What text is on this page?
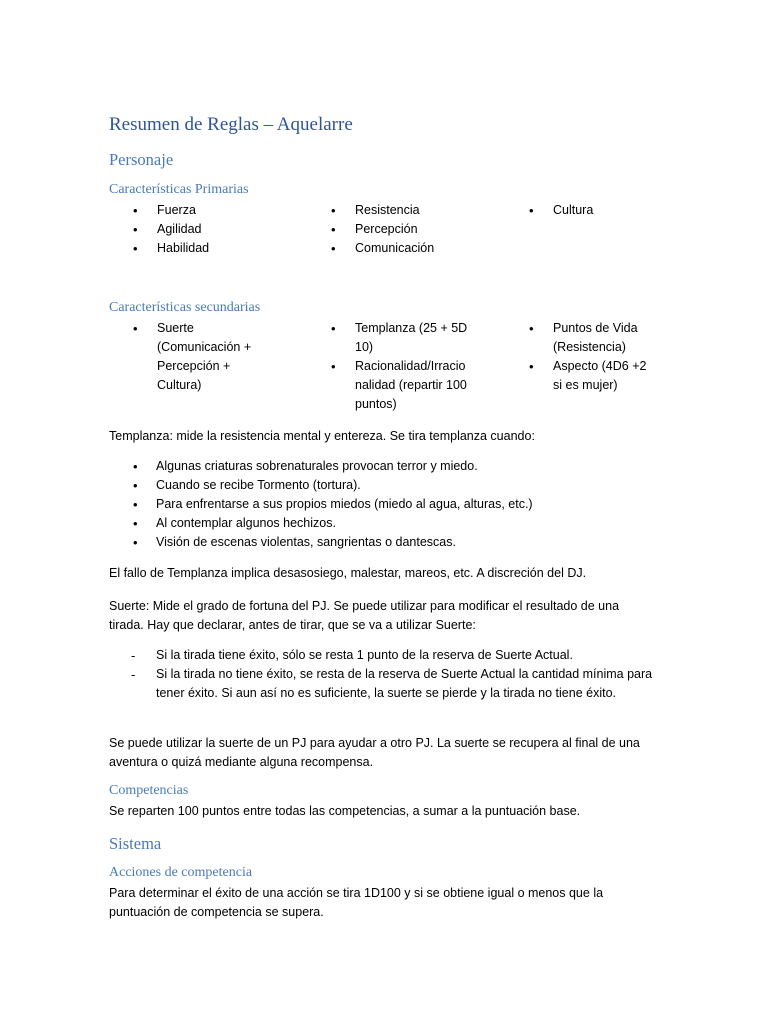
Resumen de Reglas – Aquelarre
Personaje
Características Primarias
•	Fuerza
•	Agilidad
•	Habilidad
•	Resistencia
•	Percepción
•	Comunicación
•	Cultura
Características secundarias
•	Suerte (Comunicación + Percepción + Cultura)
•	Templanza (25 + 5D10)
•	Racionalidad/Irracionalidad (repartir 100 puntos)
•	Puntos de Vida (Resistencia)
•	Aspecto (4D6 +2 si es mujer)
Templanza: mide la resistencia mental y entereza. Se tira templanza cuando:
•	Algunas criaturas sobrenaturales provocan terror y miedo.
•	Cuando se recibe Tormento (tortura).
•	Para enfrentarse a sus propios miedos (miedo al agua, alturas, etc.)
•	Al contemplar algunos hechizos.
•	Visión de escenas violentas, sangrientas o dantescas.
El fallo de Templanza implica desasosiego, malestar, mareos, etc. A discreción del DJ.
Suerte: Mide el grado de fortuna del PJ. Se puede utilizar para modificar el resultado de una tirada. Hay que declarar, antes de tirar, que se va a utilizar Suerte:
-	Si la tirada tiene éxito, sólo se resta 1 punto de la reserva de Suerte Actual.
-	Si la tirada no tiene éxito, se resta de la reserva de Suerte Actual la cantidad mínima para tener éxito. Si aun así no es suficiente, la suerte se pierde y la tirada no tiene éxito.
Se puede utilizar la suerte de un PJ para ayudar a otro PJ. La suerte se recupera al final de una aventura o quizá mediante alguna recompensa.
Competencias
Se reparten 100 puntos entre todas las competencias, a sumar a la puntuación base.
Sistema
Acciones de competencia
Para determinar el éxito de una acción se tira 1D100 y si se obtiene igual o menos que la puntuación de competencia se supera.
